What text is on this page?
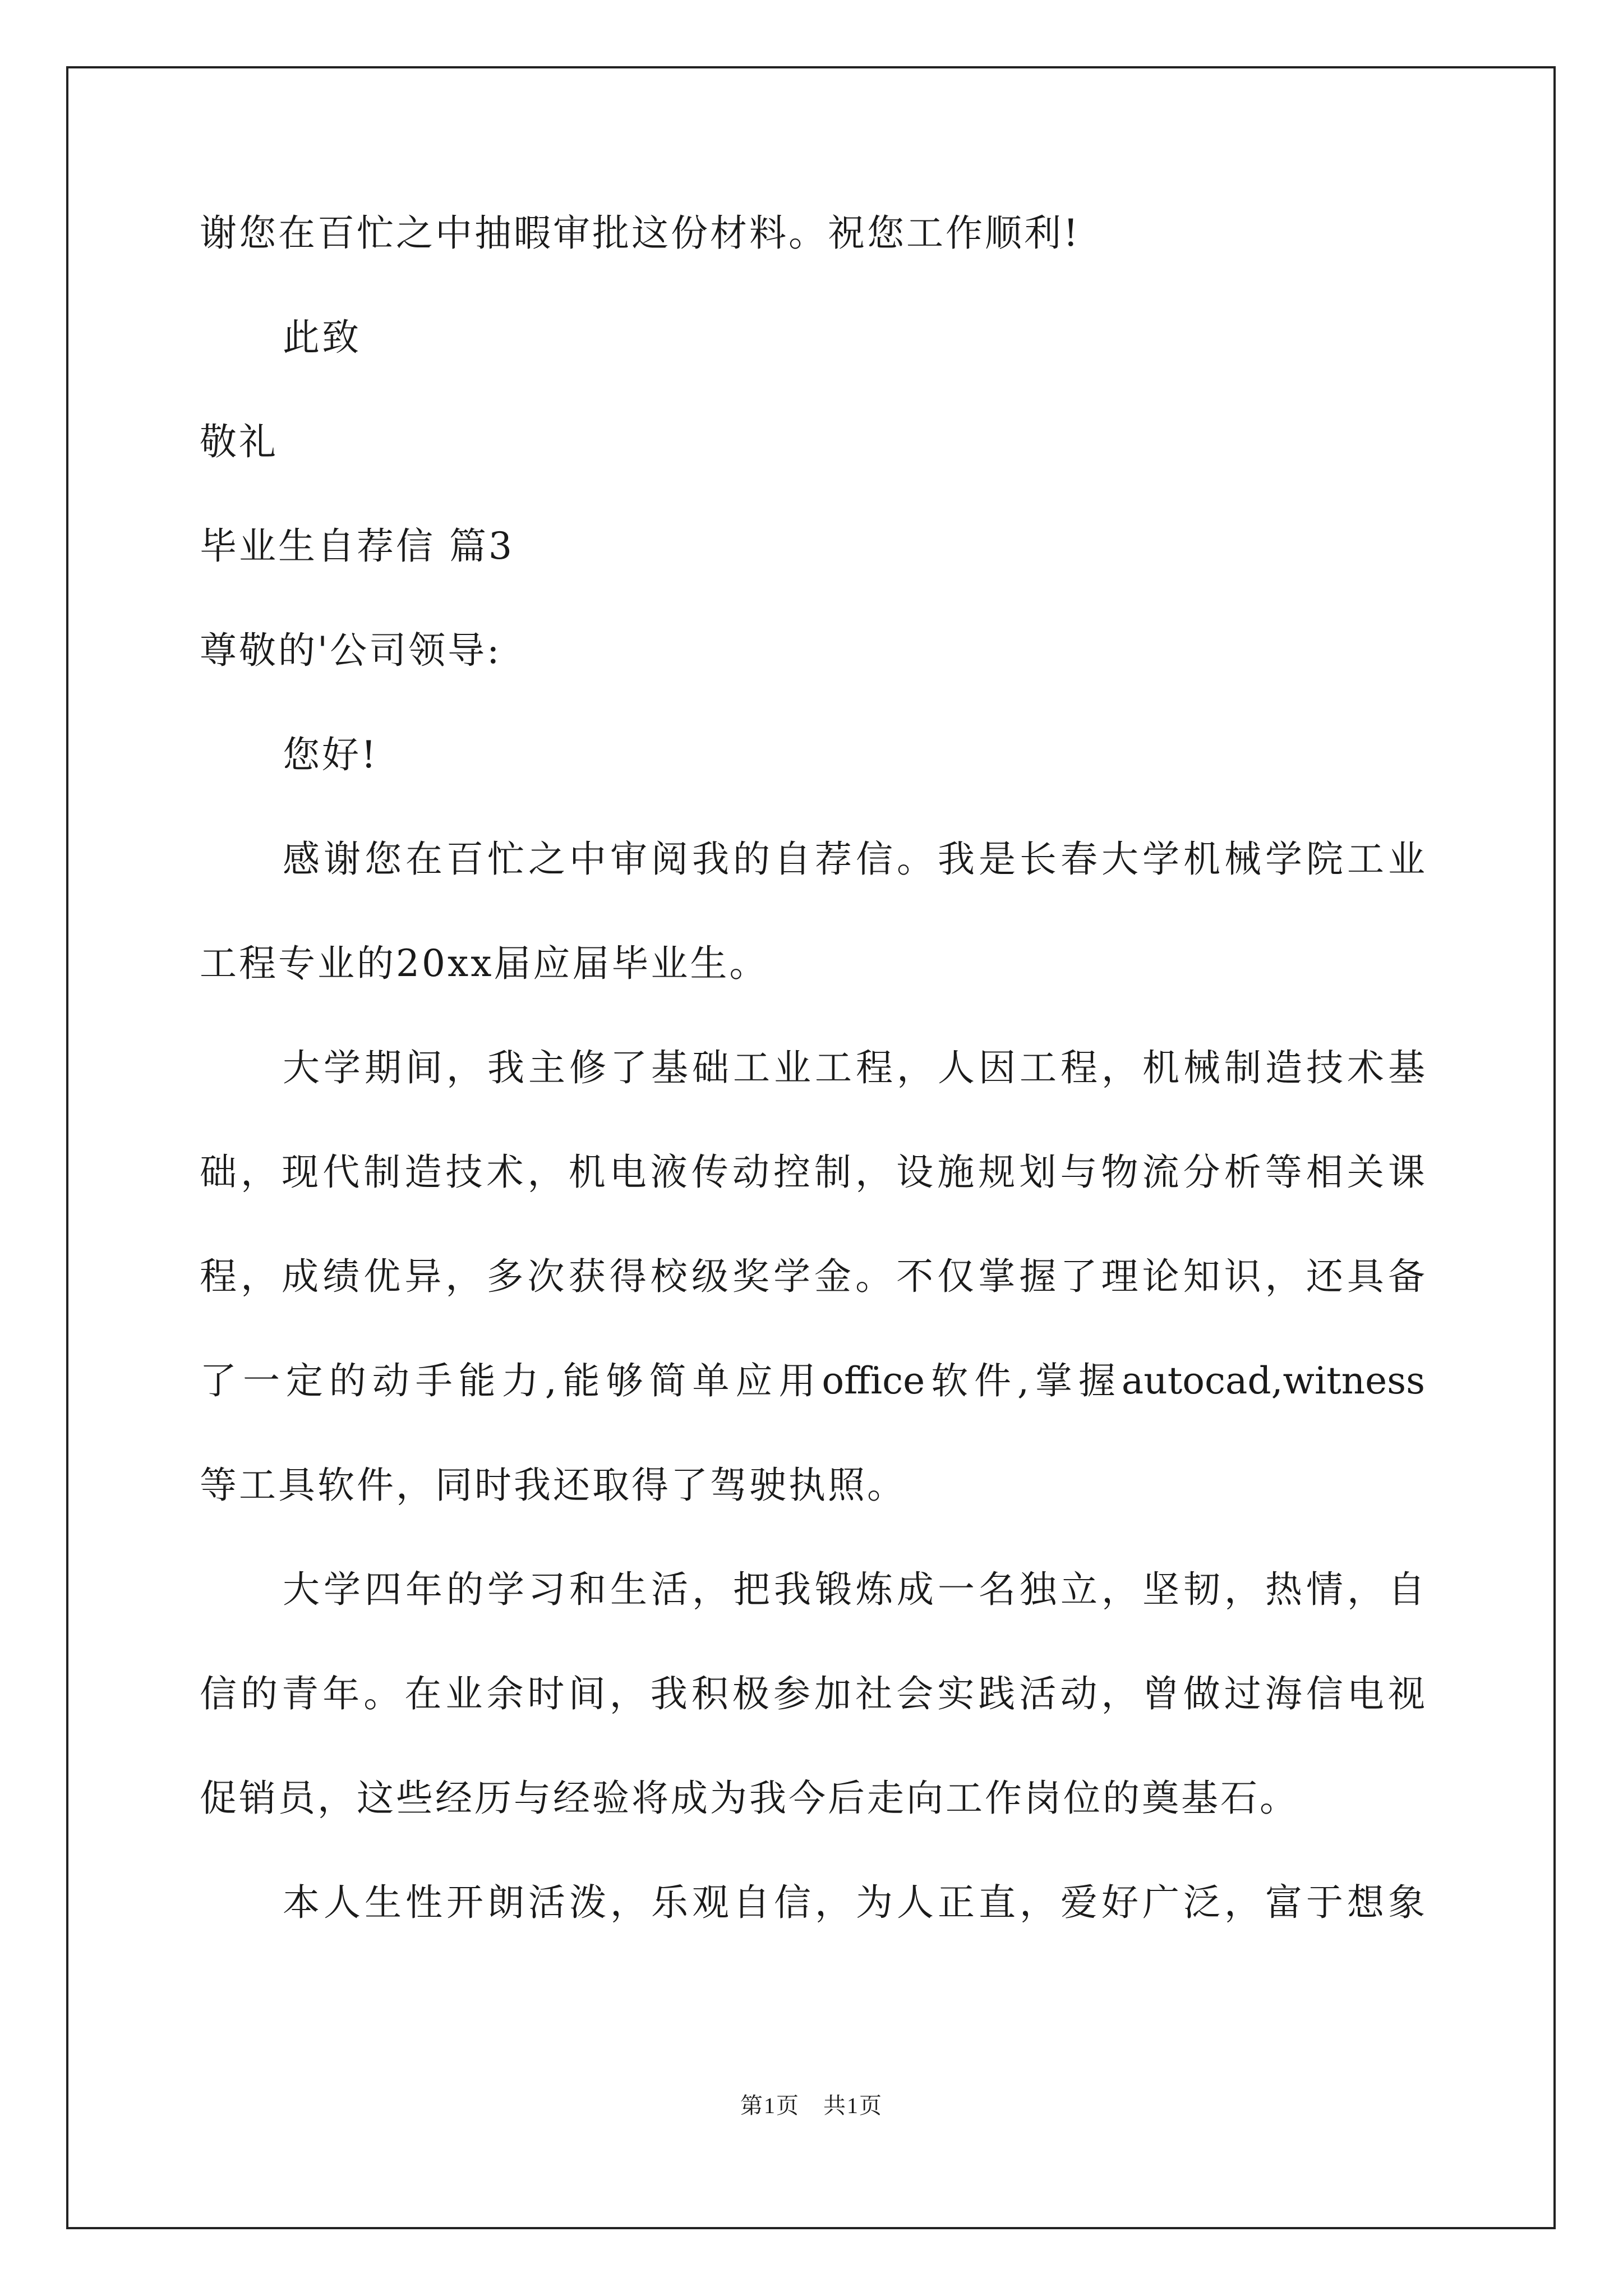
谢您在百忙之中抽暇审批这份材料。祝您工作顺利!
此致
敬礼
毕业生自荐信 篇3
尊敬的'公司领导:
您好!
感谢您在百忙之中审阅我的自荐信。我是长春大学机械学院工业
工程专业的20xx届应届毕业生。
大学期间，我主修了基础工业工程，人因工程，机械制造技术基
础，现代制造技术，机电液传动控制，设施规划与物流分析等相关课
程，成绩优异，多次获得校级奖学金。不仅掌握了理论知识，还具备
了一定的动手能力,能够简单应用office软件,掌握autocad,witness
等工具软件，同时我还取得了驾驶执照。
大学四年的学习和生活，把我锻炼成一名独立，坚韧，热情，自
信的青年。在业余时间，我积极参加社会实践活动，曾做过海信电视
促销员，这些经历与经验将成为我今后走向工作岗位的奠基石。
本人生性开朗活泼，乐观自信，为人正直，爱好广泛，富于想象
第1页　共1页
